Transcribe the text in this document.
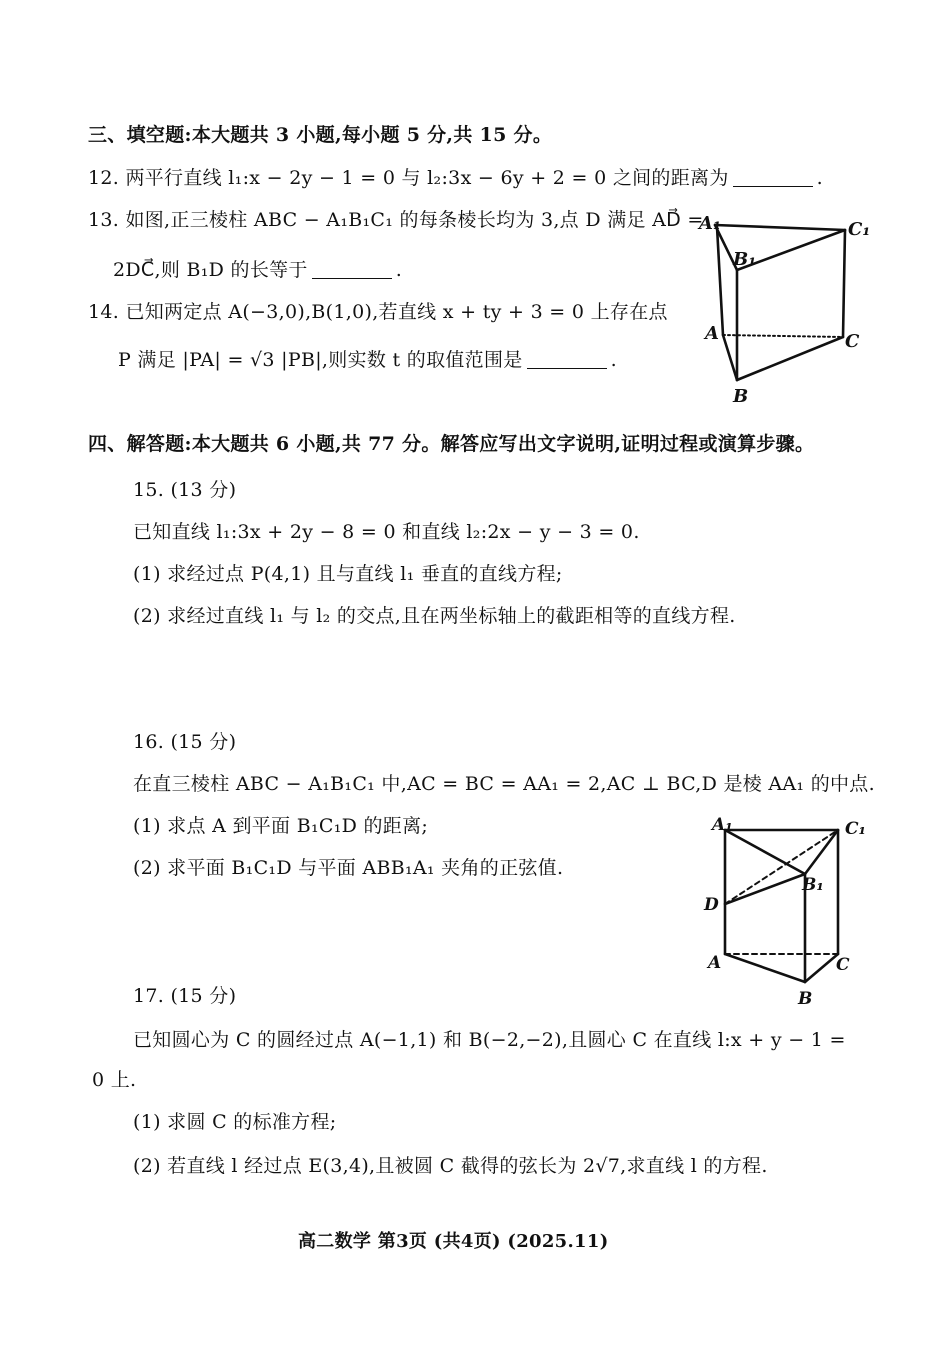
三、填空题:本大题共 3 小题,每小题 5 分,共 15 分。
12. 两平行直线 l₁:x − 2y − 1 = 0 与 l₂:3x − 6y + 2 = 0 之间的距离为	.
13. 如图,正三棱柱 ABC − A₁B₁C₁ 的每条棱长均为 3,点 D 满足 AD⃗ =
2DC⃗,则 B₁D 的长等于	.
14. 已知两定点 A(−3,0),B(1,0),若直线 x + ty + 3 = 0 上存在点
P 满足 |PA| = √3 |PB|,则实数 t 的取值范围是	.
A₁
B₁
C₁
A	C
B
四、解答题:本大题共 6 小题,共 77 分。解答应写出文字说明,证明过程或演算步骤。
15. (13 分)
已知直线 l₁:3x + 2y − 8 = 0 和直线 l₂:2x − y − 3 = 0.
(1) 求经过点 P(4,1) 且与直线 l₁ 垂直的直线方程;
(2) 求经过直线 l₁ 与 l₂ 的交点,且在两坐标轴上的截距相等的直线方程.
16. (15 分)
在直三棱柱 ABC − A₁B₁C₁ 中,AC = BC = AA₁ = 2,AC ⊥ BC,D 是棱 AA₁ 的中点.
(1) 求点 A 到平面 B₁C₁D 的距离;
(2) 求平面 B₁C₁D 与平面 ABB₁A₁ 夹角的正弦值.
A₁	C₁
B₁
D
A	C
B
17. (15 分)
已知圆心为 C 的圆经过点 A(−1,1) 和 B(−2,−2),且圆心 C 在直线 l:x + y − 1 =
0 上.
(1) 求圆 C 的标准方程;
(2) 若直线 l 经过点 E(3,4),且被圆 C 截得的弦长为 2√7,求直线 l 的方程.
高二数学 第3页 (共4页) (2025.11)
